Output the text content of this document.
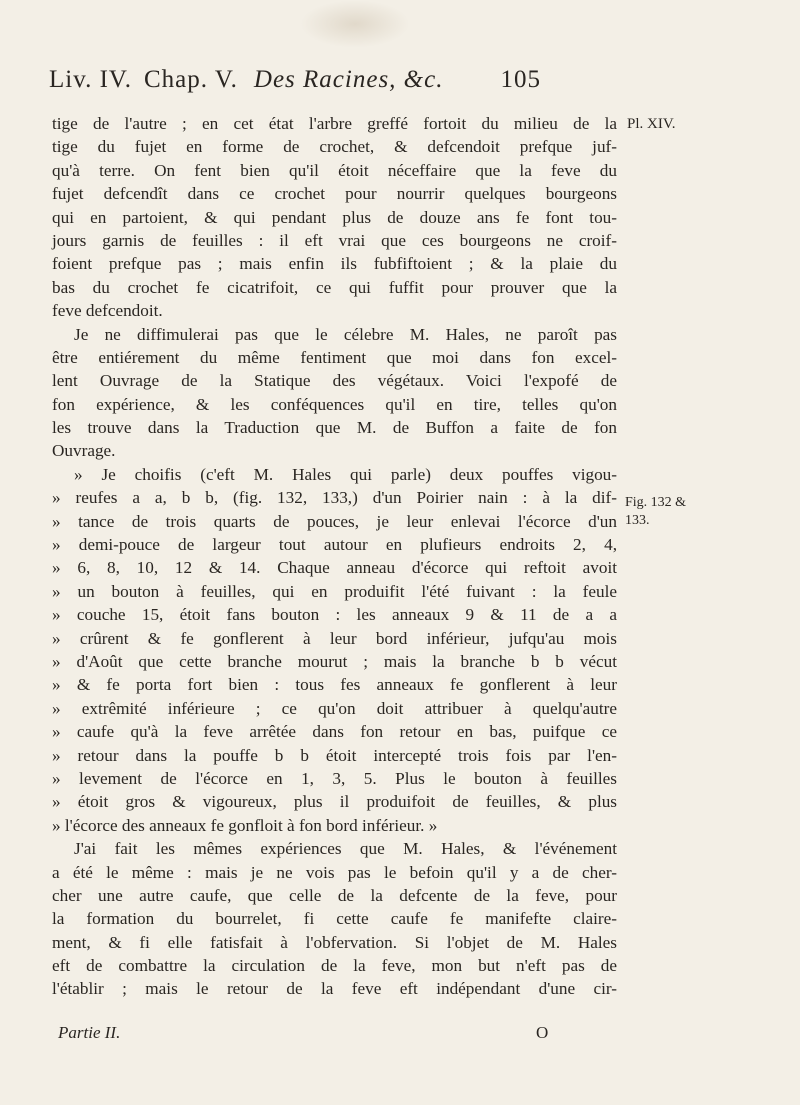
Liv. IV. Chap. V. Des Racines, &c. 105
Pl. XIV.
Fig. 132 &
133.
tige de l'autre ; en cet état l'arbre greffé fortoit du milieu de la
tige du fujet en forme de crochet, & defcendoit prefque juf-
qu'à terre. On fent bien qu'il étoit néceffaire que la feve du
fujet defcendît dans ce crochet pour nourrir quelques bourgeons
qui en partoient, & qui pendant plus de douze ans fe font tou-
jours garnis de feuilles : il eft vrai que ces bourgeons ne croif-
foient prefque pas ; mais enfin ils fubfiftoient ; & la plaie du
bas du crochet fe cicatrifoit, ce qui fuffit pour prouver que la
feve defcendoit.
Je ne diffimulerai pas que le célebre M. Hales, ne paroît pas
être entiérement du même fentiment que moi dans fon excel-
lent Ouvrage de la Statique des végétaux. Voici l'expofé de
fon expérience, & les conféquences qu'il en tire, telles qu'on
les trouve dans la Traduction que M. de Buffon a faite de fon
Ouvrage.
» Je choifis (c'eft M. Hales qui parle) deux pouffes vigou-
» reufes a a, b b, (fig. 132, 133,) d'un Poirier nain : à la dif-
» tance de trois quarts de pouces, je leur enlevai l'écorce d'un
» demi-pouce de largeur tout autour en plufieurs endroits 2, 4,
» 6, 8, 10, 12 & 14. Chaque anneau d'écorce qui reftoit avoit
» un bouton à feuilles, qui en produifit l'été fuivant : la feule
» couche 15, étoit fans bouton : les anneaux 9 & 11 de a a
» crûrent & fe gonflerent à leur bord inférieur, jufqu'au mois
» d'Août que cette branche mourut ; mais la branche b b vécut
» & fe porta fort bien : tous fes anneaux fe gonflerent à leur
» extrêmité inférieure ; ce qu'on doit attribuer à quelqu'autre
» caufe qu'à la feve arrêtée dans fon retour en bas, puifque ce
» retour dans la pouffe b b étoit intercepté trois fois par l'en-
» levement de l'écorce en 1, 3, 5. Plus le bouton à feuilles
» étoit gros & vigoureux, plus il produifoit de feuilles, & plus
» l'écorce des anneaux fe gonfloit à fon bord inférieur. »
J'ai fait les mêmes expériences que M. Hales, & l'événement
a été le même : mais je ne vois pas le befoin qu'il y a de cher-
cher une autre caufe, que celle de la defcente de la feve, pour
la formation du bourrelet, fi cette caufe fe manifefte claire-
ment, & fi elle fatisfait à l'obfervation. Si l'objet de M. Hales
eft de combattre la circulation de la feve, mon but n'eft pas de
l'établir ; mais le retour de la feve eft indépendant d'une cir-
Partie II.	O
